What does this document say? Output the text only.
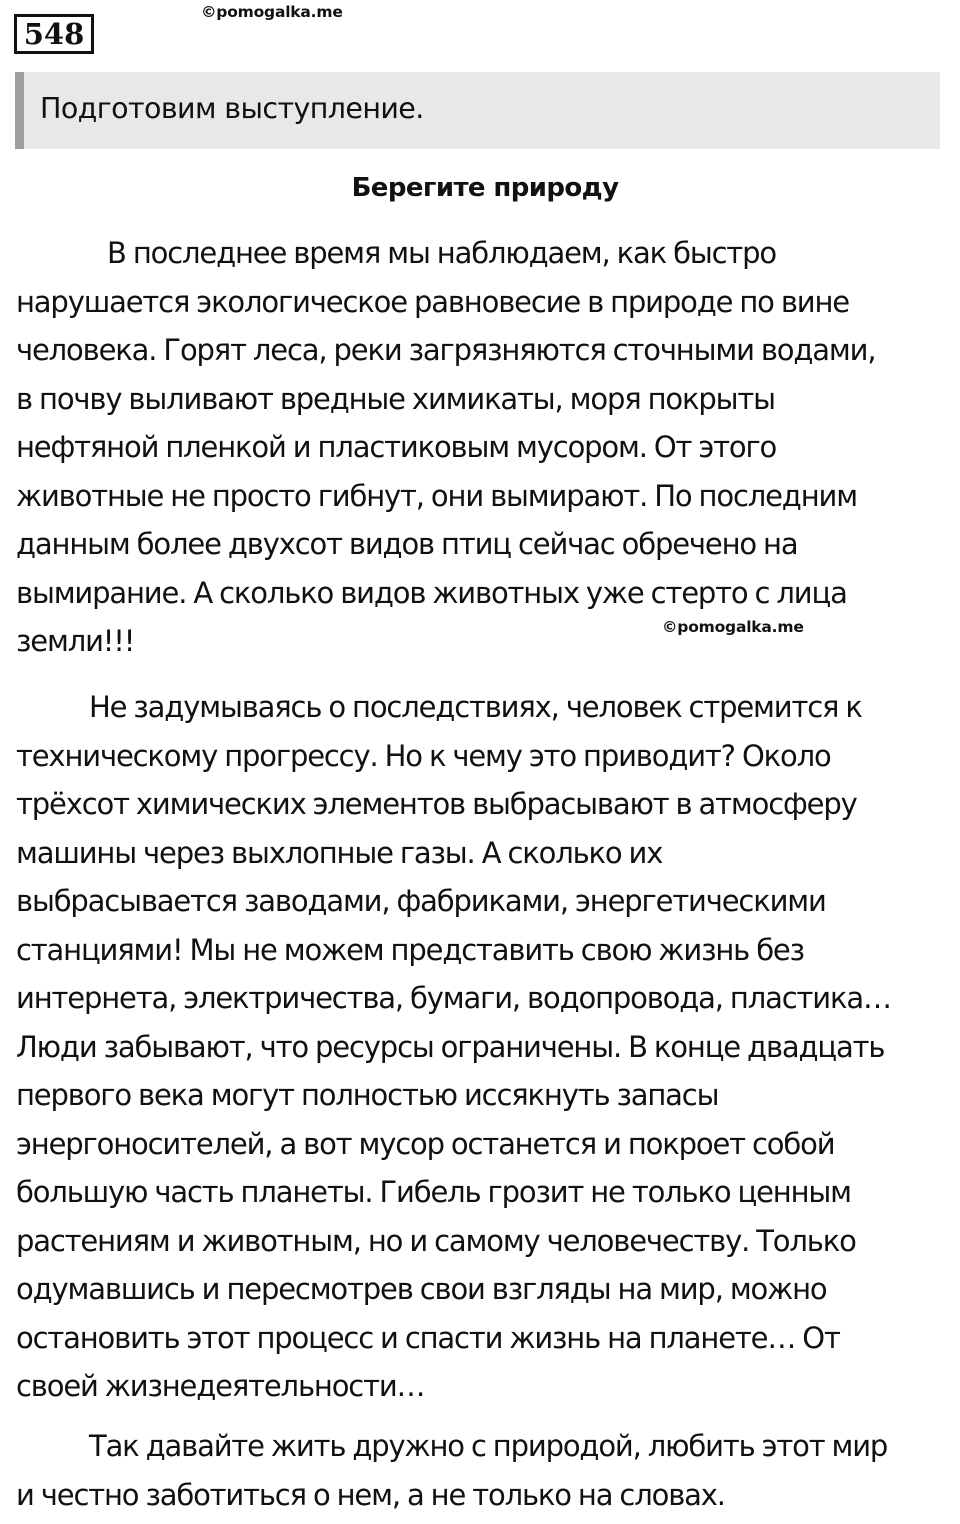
548
©pomogalka.me
Подготовим выступление.
Берегите природу
В последнее время мы наблюдаем, как быстро
нарушается экологическое равновесие в природе по вине
человека. Горят леса, реки загрязняются сточными водами,
в почву выливают вредные химикаты, моря покрыты
нефтяной пленкой и пластиковым мусором. От этого
животные не просто гибнут, они вымирают. По последним
данным более двухсот видов птиц сейчас обречено на
вымирание. А сколько видов животных уже стерто с лица
земли!!!	©pomogalka.me
Не задумываясь о последствиях, человек стремится к
техническому прогрессу. Но к чему это приводит? Около
трёхсот химических элементов выбрасывают в атмосферу
машины через выхлопные газы. А сколько их
выбрасывается заводами, фабриками, энергетическими
станциями! Мы не можем представить свою жизнь без
интернета, электричества, бумаги, водопровода, пластика…
Люди забывают, что ресурсы ограничены. В конце двадцать
первого века могут полностью иссякнуть запасы
энергоносителей, а вот мусор останется и покроет собой
большую часть планеты. Гибель грозит не только ценным
растениям и животным, но и самому человечеству. Только
одумавшись и пересмотрев свои взгляды на мир, можно
остановить этот процесс и спасти жизнь на планете… От
своей жизнедеятельности…
Так давайте жить дружно с природой, любить этот мир
и честно заботиться о нем, а не только на словах.
